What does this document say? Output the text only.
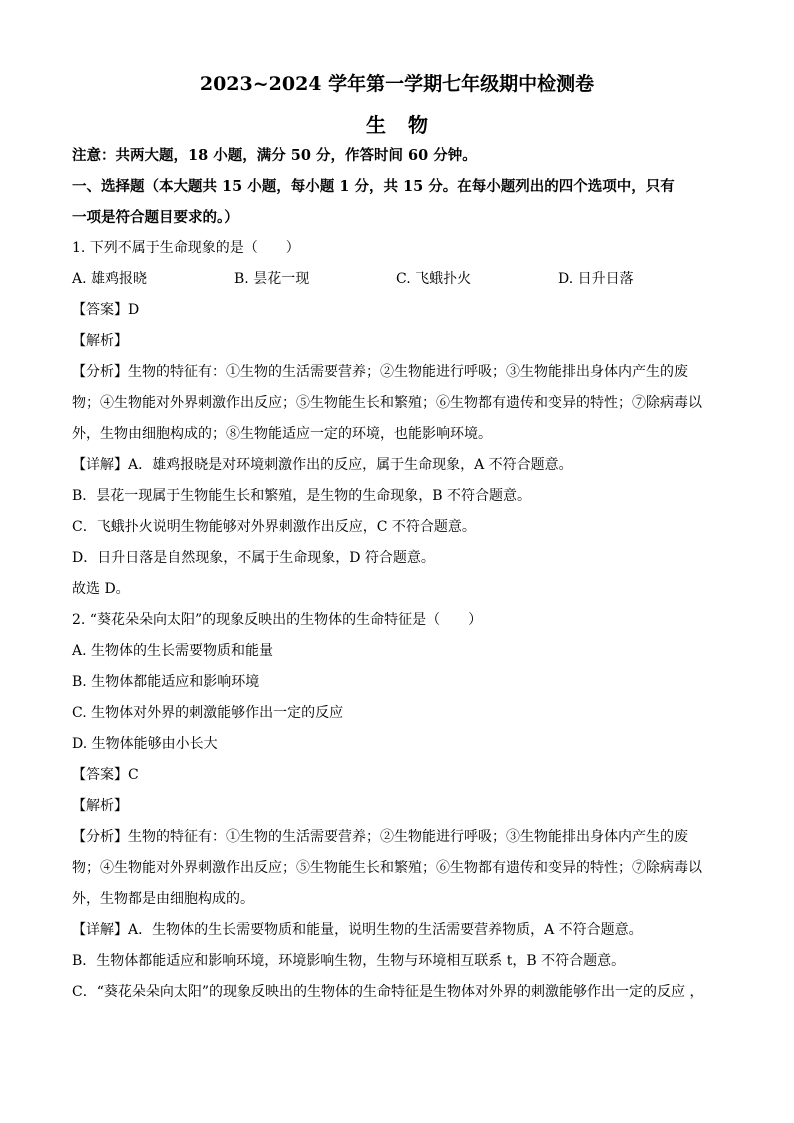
2023~2024 学年第一学期七年级期中检测卷
生物
注意：共两大题，18 小题，满分 50 分，作答时间 60 分钟。
一、选择题（本大题共 15 小题，每小题 1 分，共 15 分。在每小题列出的四个选项中，只有
一项是符合题目要求的。）
1. 下列不属于生命现象的是（　　）
A. 雄鸡报晓	B. 昙花一现	C. 飞蛾扑火	D. 日升日落
【答案】D
【解析】
【分析】生物的特征有：①生物的生活需要营养；②生物能进行呼吸；③生物能排出身体内产生的废
物；④生物能对外界刺激作出反应；⑤生物能生长和繁殖；⑥生物都有遗传和变异的特性；⑦除病毒以
外，生物由细胞构成的；⑧生物能适应一定的环境，也能影响环境。
【详解】A．雄鸡报晓是对环境刺激作出的反应，属于生命现象，A 不符合题意。
B．昙花一现属于生物能生长和繁殖，是生物的生命现象，B 不符合题意。
C．飞蛾扑火说明生物能够对外界刺激作出反应，C 不符合题意。
D．日升日落是自然现象，不属于生命现象，D 符合题意。
故选 D。
2. “葵花朵朵向太阳”的现象反映出的生物体的生命特征是（　　）
A. 生物体的生长需要物质和能量
B. 生物体都能适应和影响环境
C. 生物体对外界的刺激能够作出一定的反应
D. 生物体能够由小长大
【答案】C
【解析】
【分析】生物的特征有：①生物的生活需要营养；②生物能进行呼吸；③生物能排出身体内产生的废
物；④生物能对外界刺激作出反应；⑤生物能生长和繁殖；⑥生物都有遗传和变异的特性；⑦除病毒以
外，生物都是由细胞构成的。
【详解】A．生物体的生长需要物质和能量，说明生物的生活需要营养物质，A 不符合题意。
B．生物体都能适应和影响环境，环境影响生物，生物与环境相互联系 t，B 不符合题意。
C．“葵花朵朵向太阳”的现象反映出的生物体的生命特征是生物体对外界的刺激能够作出一定的反应 ，
